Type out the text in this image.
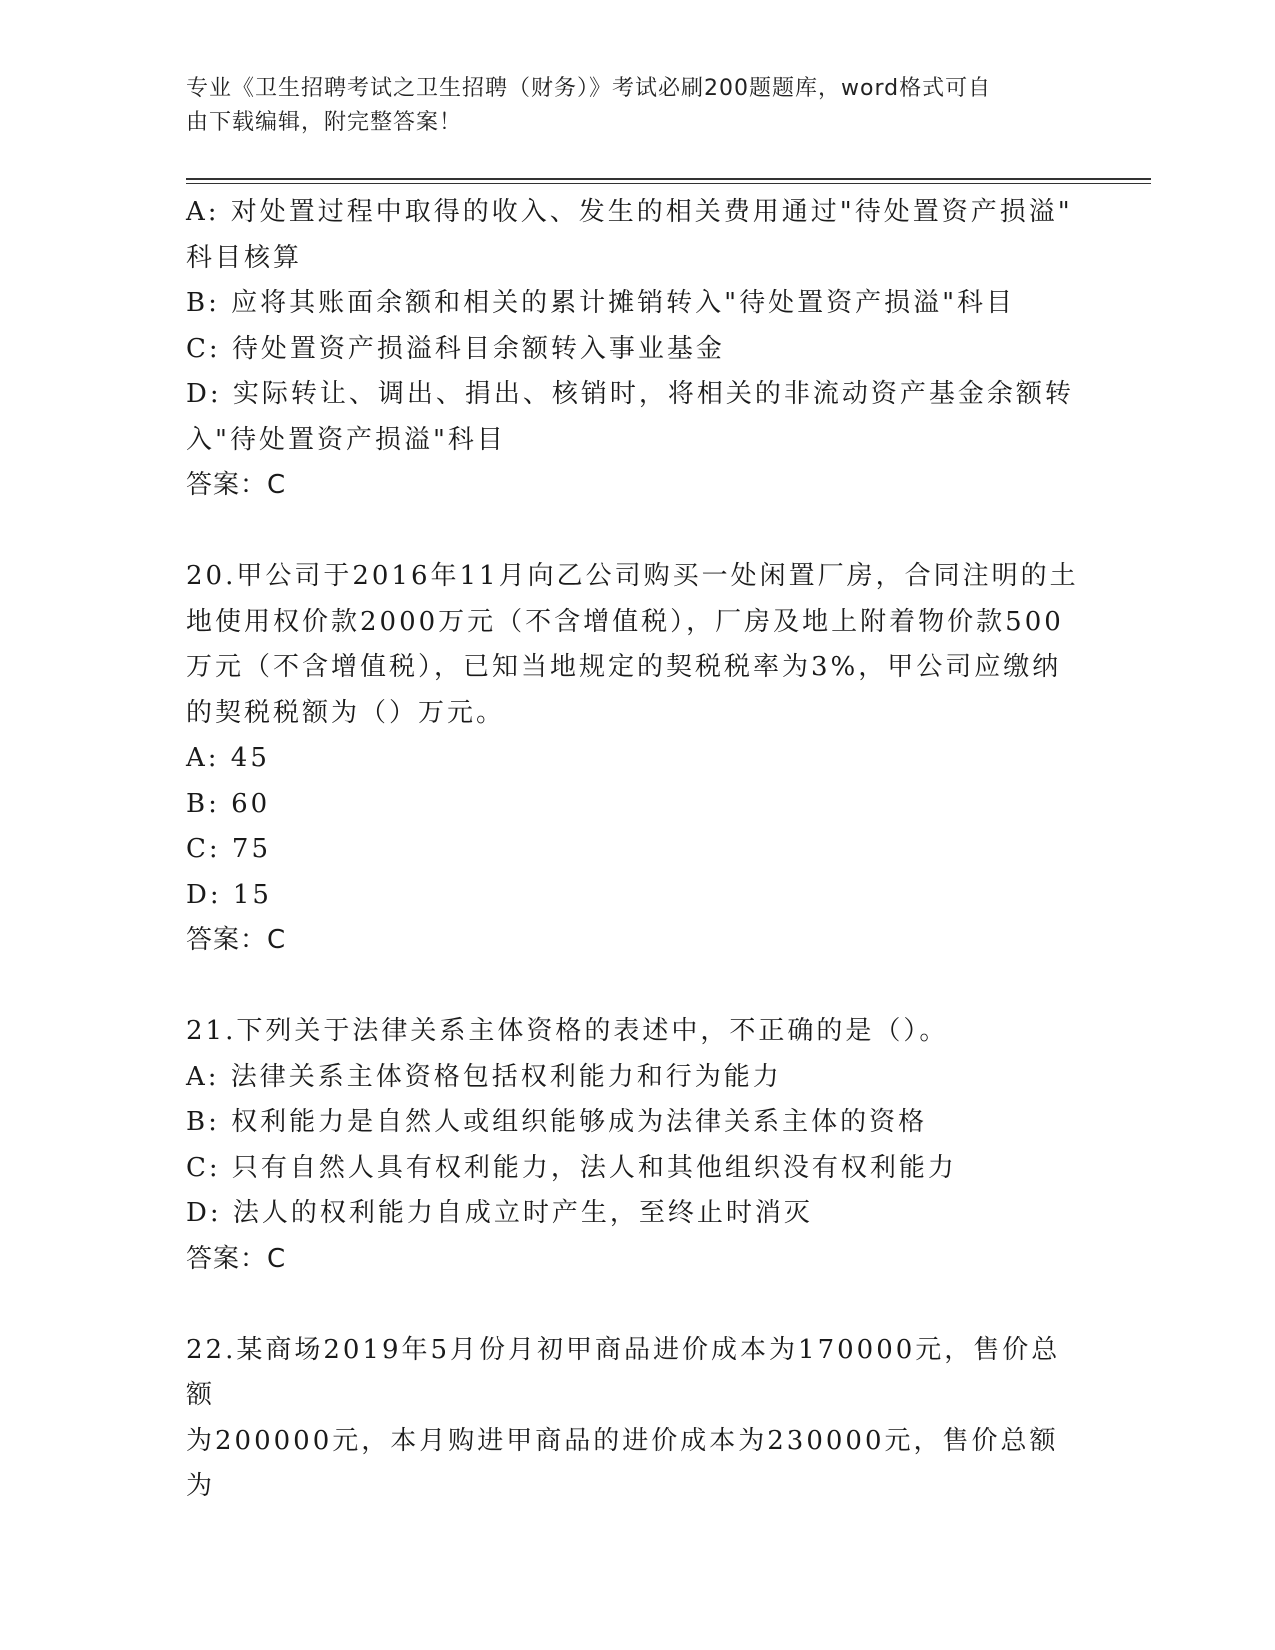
专业《卫生招聘考试之卫生招聘（财务）》考试必刷200题题库，word格式可自
由下载编辑，附完整答案！
A: 对处置过程中取得的收入、发生的相关费用通过"待处置资产损溢"
科目核算
B: 应将其账面余额和相关的累计摊销转入"待处置资产损溢"科目
C: 待处置资产损溢科目余额转入事业基金
D: 实际转让、调出、捐出、核销时，将相关的非流动资产基金余额转
入"待处置资产损溢"科目
答案：C
20.甲公司于2016年11月向乙公司购买一处闲置厂房，合同注明的土
地使用权价款2000万元（不含增值税），厂房及地上附着物价款500
万元（不含增值税），已知当地规定的契税税率为3%，甲公司应缴纳
的契税税额为（）万元。
A: 45
B: 60
C: 75
D: 15
答案：C
21.下列关于法律关系主体资格的表述中，不正确的是（）。
A: 法律关系主体资格包括权利能力和行为能力
B: 权利能力是自然人或组织能够成为法律关系主体的资格
C: 只有自然人具有权利能力，法人和其他组织没有权利能力
D: 法人的权利能力自成立时产生，至终止时消灭
答案：C
22.某商场2019年5月份月初甲商品进价成本为170000元，售价总额
为200000元，本月购进甲商品的进价成本为230000元，售价总额为
